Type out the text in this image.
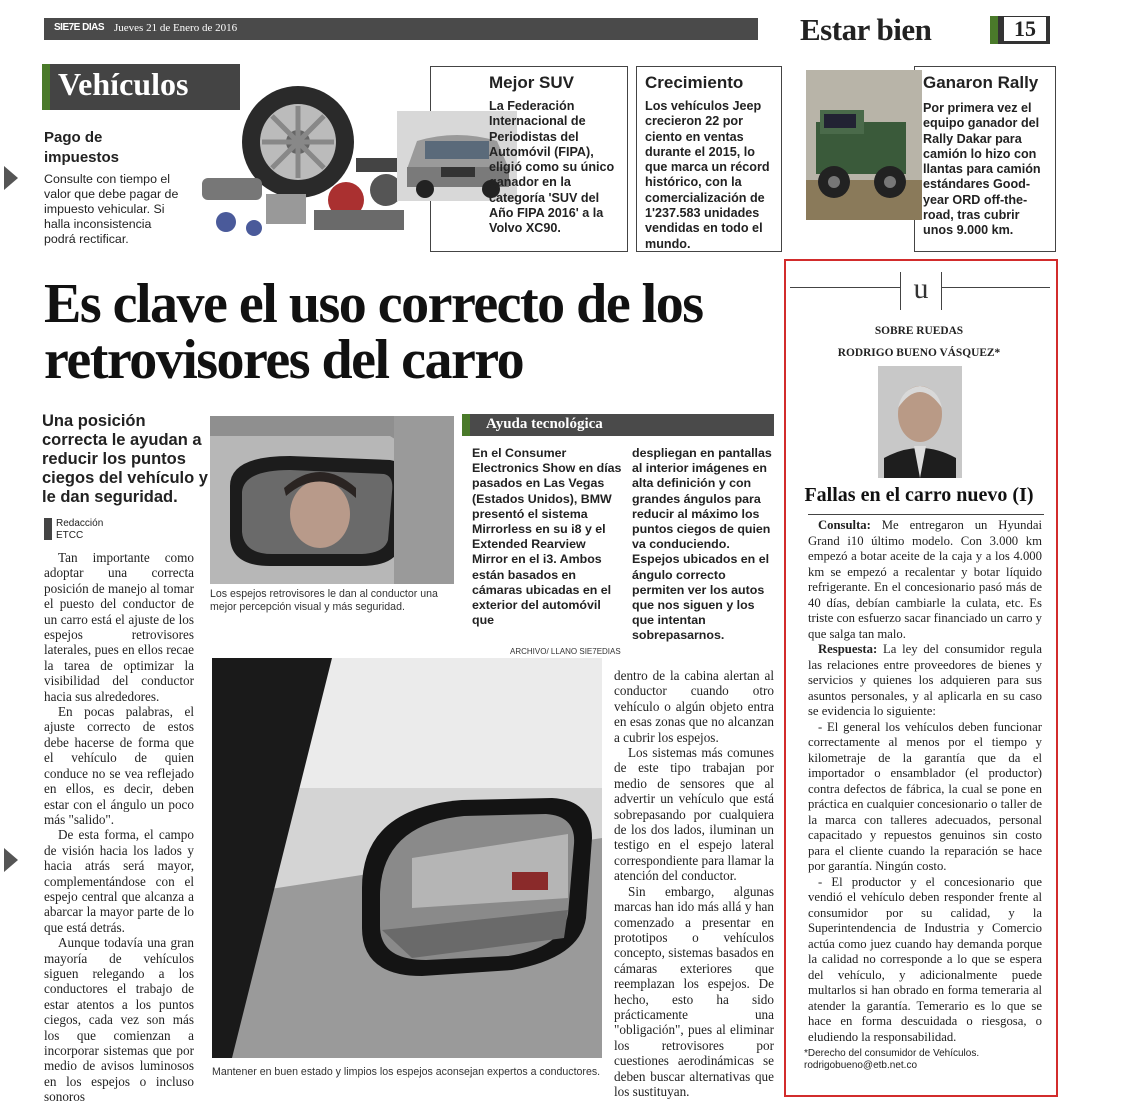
SIE7E DIAS Jueves 21 de Enero de 2016	Estar bien	15
Vehículos
Pago de impuestos
Consulte con tiempo el valor que debe pagar de impuesto vehicular. Si halla inconsistencia podrá rectificar.
Mejor SUV
La Federación Internacional de Periodistas del Automóvil (FIPA), eligió como su único ganador en la categoría 'SUV del Año FIPA 2016' a la Volvo XC90.
Crecimiento
Los vehículos Jeep crecieron 22 por ciento en ventas durante el 2015, lo que marca un récord histórico, con la comercialización de 1'237.583 unidades vendidas en todo el mundo.
Ganaron Rally
Por primera vez el equipo ganador del Rally Dakar para camión lo hizo con llantas para camión estándares Good-year ORD off-the-road, tras cubrir unos 9.000 km.
Es clave el uso correcto de los retrovisores del carro
Una posición correcta le ayudan a reducir los puntos ciegos del vehículo y le dan seguridad.
Redacción
ETCC

Tan importante como adoptar una correcta posición de manejo al tomar el puesto del conductor de un carro está el ajuste de los espejos retrovisores laterales, pues en ellos recae la tarea de optimizar la visibilidad del conductor hacia sus alrededores.

En pocas palabras, el ajuste correcto de estos debe hacerse de forma que el vehículo de quien conduce no se vea reflejado en ellos, es decir, deben estar con el ángulo un poco más "salido".

De esta forma, el campo de visión hacia los lados y hacia atrás será mayor, complementándose con el espejo central que alcanza a abarcar la mayor parte de lo que está detrás.

Aunque todavía una gran mayoría de vehículos siguen relegando a los conductores el trabajo de estar atentos a los puntos ciegos, cada vez son más los que comienzan a incorporar sistemas que por medio de avisos luminosos en los espejos o incluso sonoros

Los espejos retrovisores le dan al conductor una mejor percepción visual y más seguridad.
Ayuda tecnológica
En el Consumer Electronics Show en días pasados en Las Vegas (Estados Unidos), BMW presentó el sistema Mirrorless en su i8 y el Extended Rearview Mirror en el i3. Ambos están basados en cámaras ubicadas en el exterior del automóvil que
despliegan en pantallas al interior imágenes en alta definición y con grandes ángulos para reducir al máximo los puntos ciegos de quien va conduciendo. Espejos ubicados en el ángulo correcto permiten ver los autos que nos siguen y los que intentan sobrepasarnos.
ARCHIVO/ LLANO SIE7EDIAS
Mantener en buen estado y limpios los espejos aconsejan expertos a conductores.

dentro de la cabina alertan al conductor cuando otro vehículo o algún objeto entra en esas zonas que no alcanzan a cubrir los espejos.

Los sistemas más comunes de este tipo trabajan por medio de sensores que al advertir un vehículo que está sobrepasando por cualquiera de los dos lados, iluminan un testigo en el espejo lateral correspondiente para llamar la atención del conductor.

Sin embargo, algunas marcas han ido más allá y han comenzado a presentar en prototipos o vehículos concepto, sistemas basados en cámaras exteriores que reemplazan los espejos. De hecho, esto ha sido prácticamente una "obligación", pues al eliminar los retrovisores por cuestiones aerodinámicas se deben buscar alternativas que los sustituyan.

u
SOBRE RUEDAS
RODRIGO BUENO VÁSQUEZ*
Fallas en el carro nuevo (I)

Consulta: Me entregaron un Hyundai Grand i10 último modelo. Con 3.000 km empezó a botar aceite de la caja y a los 4.000 km se empezó a recalentar y botar líquido refrigerante. En el concesionario pasó más de 40 días, debían cambiarle la culata, etc. Es triste con esfuerzo sacar financiado un carro y que salga tan malo.

Respuesta: La ley del consumidor regula las relaciones entre proveedores de bienes y servicios y quienes los adquieren para sus asuntos personales, y al aplicarla en su caso se evidencia lo siguiente:

- El general los vehículos deben funcionar correctamente al menos por el tiempo y kilometraje de la garantía que da el importador o ensamblador (el productor) contra defectos de fábrica, la cual se pone en práctica en cualquier concesionario o taller de la marca con talleres adecuados, personal capacitado y repuestos genuinos sin costo para el cliente cuando la reparación se hace por garantía. Ningún costo.

- El productor y el concesionario que vendió el vehículo deben responder frente al consumidor por su calidad, y la Superintendencia de Industria y Comercio actúa como juez cuando hay demanda porque la calidad no corresponde a lo que se espera del vehículo, y adicionalmente puede multarlos si han obrado en forma temeraria al atender la garantía. Temerario es lo que se hace en forma descuidada o riesgosa, o eludiendo la responsabilidad.

*Derecho del consumidor de Vehículos.
rodrigobueno@etb.net.co
